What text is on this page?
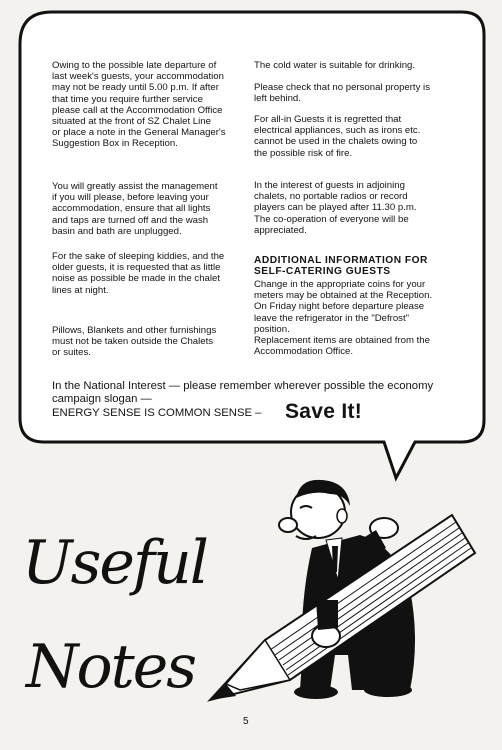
Owing to the possible late departure of

last week's guests, your accommodation

may not be ready until 5.00 p.m. If after

that time you require further service

please call at the Accommodation Office

situated at the front of SZ Chalet Line

or place a note in the General Manager's

Suggestion Box in Reception.

You will greatly assist the management

if you will please, before leaving your

accommodation, ensure that all lights

and taps are turned off and the wash

basin and bath are unplugged.

For the sake of sleeping kiddies, and the

older guests, it is requested that as little

noise as possible be made in the chalet

lines at night.

Pillows, Blankets and other furnishings

must not be taken outside the Chalets

or suites.

The cold water is suitable for drinking.

Please check that no personal property is

left behind.

For all-in Guests it is regretted that

electrical appliances, such as irons etc.

cannot be used in the chalets owing to

the possible risk of fire.

In the interest of guests in adjoining

chalets, no portable radios or record

players can be played after 11.30 p.m.

The co-operation of everyone will be

appreciated.

ADDITIONAL INFORMATION FOR

SELF-CATERING GUESTS

Change in the appropriate coins for your

meters may be obtained at the Reception.

On Friday night before departure please

leave the refrigerator in the "Defrost"

position.

Replacement items are obtained from the

Accommodation Office.

In the National Interest — please remember wherever possible the economy
campaign slogan —
ENERGY SENSE IS COMMON SENSE – Save It!
Useful
Notes
5
